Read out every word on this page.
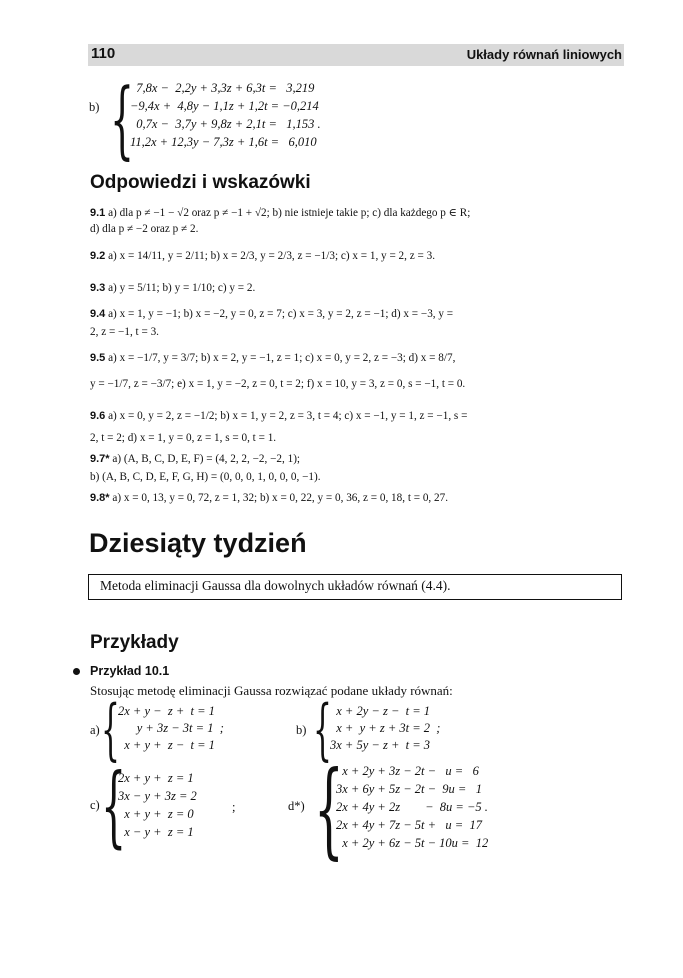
110	Układy równań liniowych
b) {
7,8x −  2,2y + 3,3z + 6,3t =   3,219
−9,4x +  4,8y − 1,1z + 1,2t = −0,214
0,7x −  3,7y + 9,8z + 2,1t =   1,153 .
11,2x + 12,3y − 7,3z + 1,6t =   6,010
Odpowiedzi i wskazówki
9.1 a) dla p ≠ −1 − √2 oraz p ≠ −1 + √2; b) nie istnieje takie p; c) dla każdego p ∈ R;
d) dla p ≠ −2 oraz p ≠ 2.
9.2 a) x = 14/11, y = 2/11; b) x = 2/3, y = 2/3, z = −1/3; c) x = 1, y = 2, z = 3.
9.3 a) y = 5/11; b) y = 1/10; c) y = 2.
9.4 a) x = 1, y = −1; b) x = −2, y = 0, z = 7; c) x = 3, y = 2, z = −1; d) x = −3, y =
2, z = −1, t = 3.
9.5 a) x = −1/7, y = 3/7; b) x = 2, y = −1, z = 1; c) x = 0, y = 2, z = −3; d) x = 8/7,
y = −1/7, z = −3/7; e) x = 1, y = −2, z = 0, t = 2; f) x = 10, y = 3, z = 0, s = −1, t = 0.
9.6 a) x = 0, y = 2, z = −1/2; b) x = 1, y = 2, z = 3, t = 4; c) x = −1, y = 1, z = −1, s =
2, t = 2; d) x = 1, y = 0, z = 1, s = 0, t = 1.
9.7* a) (A, B, C, D, E, F) = (4, 2, 2, −2, −2, 1);
b) (A, B, C, D, E, F, G, H) = (0, 0, 0, 1, 0, 0, 0, −1).
9.8* a) x = 0, 13, y = 0, 72, z = 1, 32; b) x = 0, 22, y = 0, 36, z = 0, 18, t = 0, 27.
Dziesiąty tydzień
Metoda eliminacji Gaussa dla dowolnych układów równań (4.4).
Przykłady
Przykład 10.1
Stosując metodę eliminacji Gaussa rozwiązać podane układy równań:
a) {
2x + y −  z +  t = 1
y + 3z − 3t = 1  ;
x + y +  z −  t = 1
b) {
x + 2y − z −  t = 1
x +  y + z + 3t = 2  ;
3x + 5y − z +  t = 3
c) {
2x + y +  z = 1
3x − y + 3z = 2
x + y +  z = 0
x − y +  z = 1
;	d*) {
x + 2y + 3z − 2t −   u =   6
3x + 6y + 5z − 2t −  9u =   1
2x + 4y + 2z        −  8u = −5 .
2x + 4y + 7z − 5t +   u =  17
x + 2y + 6z − 5t − 10u =  12
